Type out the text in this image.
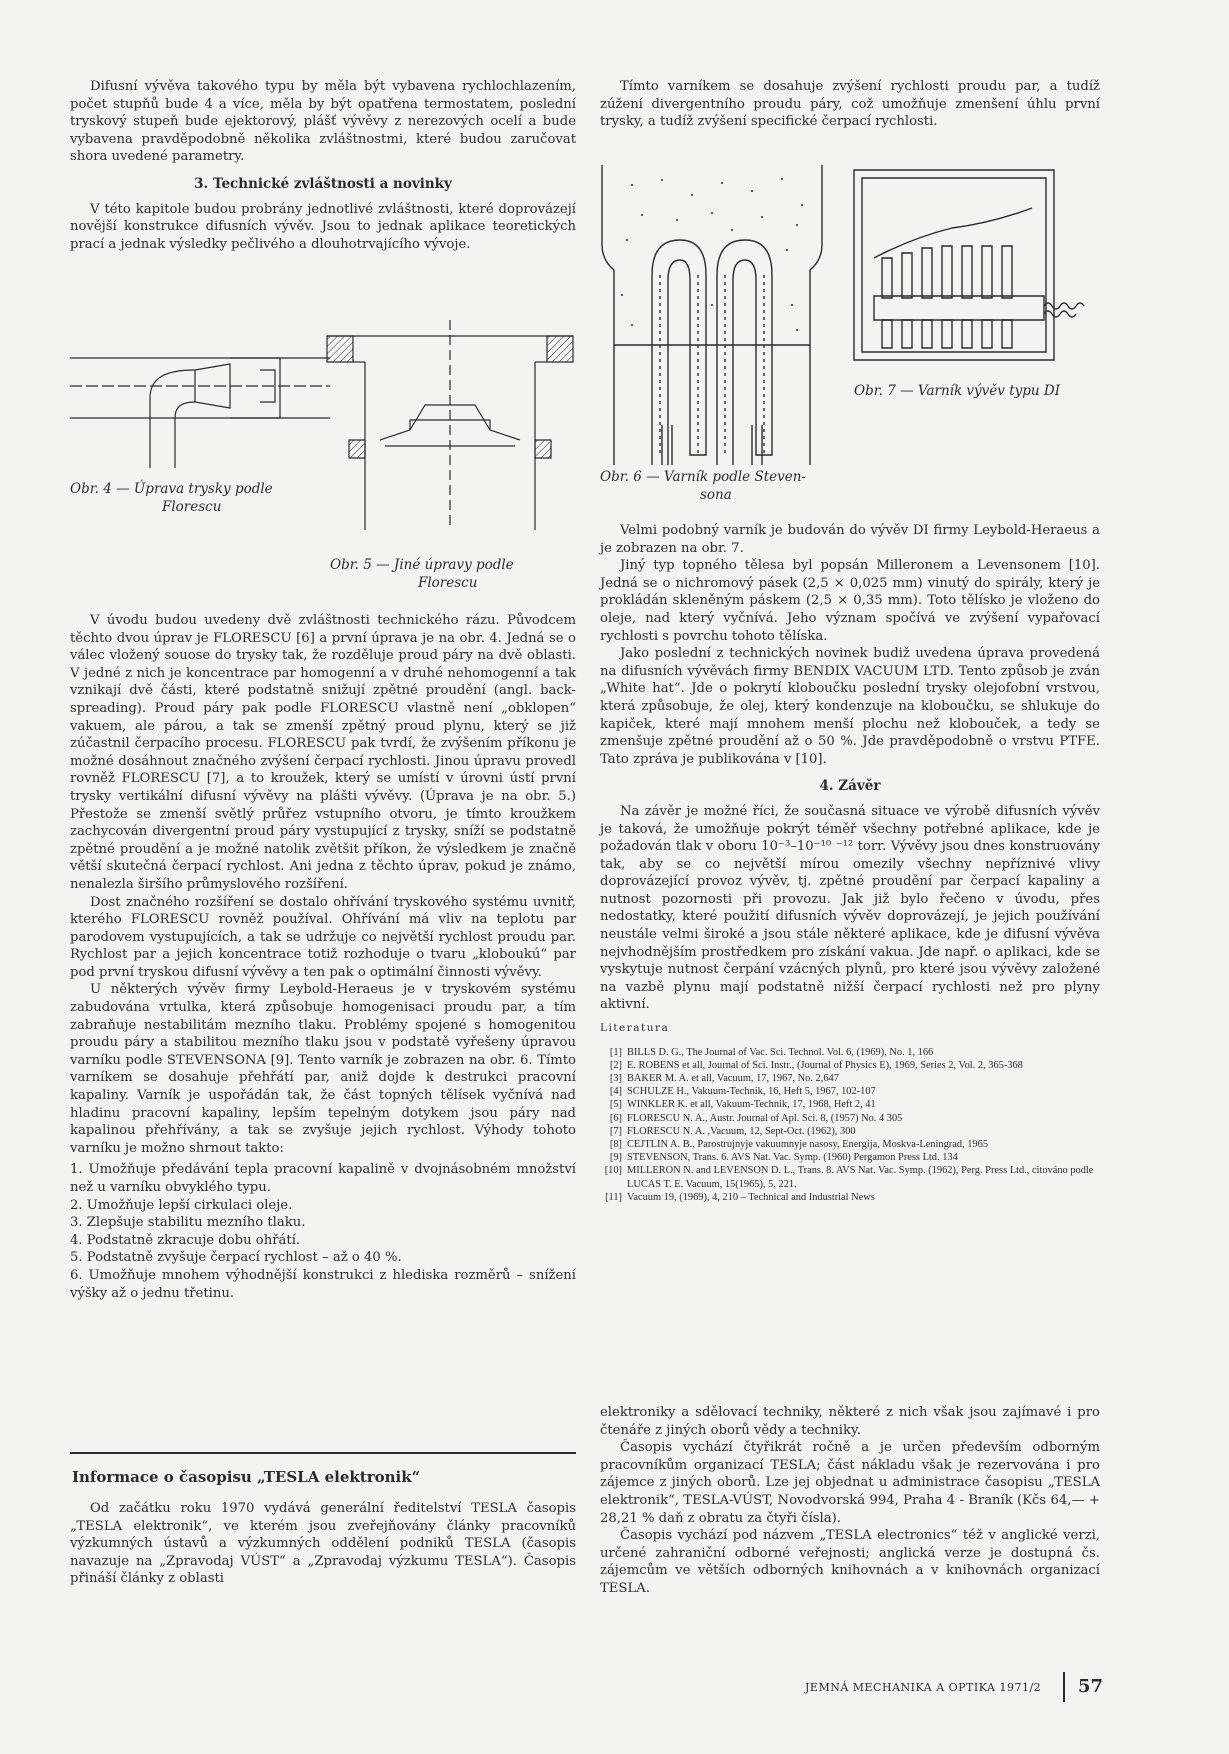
Difusní vývěva takového typu by měla být vybavena rychlochlazením, počet stupňů bude 4 a více, měla by být opatřena termostatem, poslední tryskový stupeň bude ejektorový, plášť vývěvy z nerezových ocelí a bude vybavena pravděpodobně několika zvláštnostmi, které budou zaručovat shora uvedené parametry.

3. Technické zvláštnosti a novinky

V této kapitole budou probrány jednotlivé zvláštnosti, které doprovázejí novější konstrukce difusních vývěv. Jsou to jednak aplikace teoretických prací a jednak výsledky pečlivého a dlouhotrvajícího vývoje.

Obr. 4 — Úprava trysky podle
Florescu
Obr. 5 — Jiné úpravy podle
Florescu

V úvodu budou uvedeny dvě zvláštnosti technického rázu. Původcem těchto dvou úprav je FLORESCU [6] a první úprava je na obr. 4. Jedná se o válec vložený souose do trysky tak, že rozděluje proud páry na dvě oblasti. V jedné z nich je koncentrace par homogenní a v druhé nehomogenní a tak vznikají dvě části, které podstatně snižují zpětné proudění (angl. back-spreading). Proud páry pak podle FLORESCU vlastně není „obklopen“ vakuem, ale párou, a tak se zmenší zpětný proud plynu, který se již zúčastnil čerpacího procesu. FLORESCU pak tvrdí, že zvýšením příkonu je možné dosáhnout značného zvýšení čerpací rychlosti. Jinou úpravu provedl rovněž FLORESCU [7], a to kroužek, který se umístí v úrovni ústí první trysky vertikální difusní vývěvy na plášti vývěvy. (Úprava je na obr. 5.) Přestože se zmenší světlý průřez vstupního otvoru, je tímto kroužkem zachycován divergentní proud páry vystupující z trysky, sníží se podstatně zpětné proudění a je možné natolik zvětšit příkon, že výsledkem je značně větší skutečná čerpací rychlost. Ani jedna z těchto úprav, pokud je známo, nenalezla širšího průmyslového rozšíření.

Dost značného rozšíření se dostalo ohřívání tryskového systému uvnitř, kterého FLORESCU rovněž používal. Ohřívání má vliv na teplotu par parodovem vystupujících, a tak se udržuje co největší rychlost proudu par. Rychlost par a jejich koncentrace totiž rozhoduje o tvaru „kloboukú“ par pod první tryskou difusní vývěvy a ten pak o optimální činnosti vývěvy.

U některých vývěv firmy Leybold-Heraeus je v tryskovém systému zabudována vrtulka, která způsobuje homogenisaci proudu par, a tím zabraňuje nestabilitám mezního tlaku. Problémy spojené s homogenitou proudu páry a stabilitou mezního tlaku jsou v podstatě vyřešeny úpravou varníku podle STEVENSONA [9]. Tento varník je zobrazen na obr. 6. Tímto varníkem se dosahuje přehřátí par, aniž dojde k destrukci pracovní kapaliny. Varník je uspořádán tak, že část topných tělísek vyčnívá nad hladinu pracovní kapaliny, lepším tepelným dotykem jsou páry nad kapalinou přehřívány, a tak se zvyšuje jejich rychlost. Výhody tohoto varníku je možno shrnout takto:

1. Umožňuje předávání tepla pracovní kapalině v dvojnásobném množství než u varníku obvyklého typu.

2. Umožňuje lepší cirkulaci oleje.

3. Zlepšuje stabilitu mezního tlaku.

4. Podstatně zkracuje dobu ohřátí.

5. Podstatně zvyšuje čerpací rychlost – až o 40 %.

6. Umožňuje mnohem výhodnější konstrukci z hlediska rozměrů – snížení výšky až o jednu třetinu.

Tímto varníkem se dosahuje zvýšení rychlosti proudu par, a tudíž zúžení divergentního proudu páry, což umožňuje zmenšení úhlu první trysky, a tudíž zvýšení specifické čerpací rychlosti.

Obr. 6 — Varník podle Steven-
sona
Obr. 7 — Varník vývěv typu DI

Velmi podobný varník je budován do vývěv DI firmy Leybold-Heraeus a je zobrazen na obr. 7.

Jiný typ topného tělesa byl popsán Milleronem a Levensonem [10]. Jedná se o nichromový pásek (2,5 × 0,025 mm) vinutý do spirály, který je prokládán skleněným páskem (2,5 × 0,35 mm). Toto tělísko je vloženo do oleje, nad který vyčnívá. Jeho význam spočívá ve zvýšení vypařovací rychlosti s povrchu tohoto tělíska.

Jako poslední z technických novinek budiž uvedena úprava provedená na difusních vývěvách firmy BENDIX VACUUM LTD. Tento způsob je zván „White hat“. Jde o pokrytí kloboučku poslední trysky olejofobní vrstvou, která způsobuje, že olej, který kondenzuje na kloboučku, se shlukuje do kapiček, které mají mnohem menší plochu než klobouček, a tedy se zmenšuje zpětné proudění až o 50 %. Jde pravděpodobně o vrstvu PTFE. Tato zpráva je publikována v [10].

4. Závěr

Na závěr je možné říci, že současná situace ve výrobě difusních vývěv je taková, že umožňuje pokrýt téměř všechny potřebné aplikace, kde je požadován tlak v oboru 10⁻³–10⁻¹⁰ ⁻¹² torr. Vývěvy jsou dnes konstruovány tak, aby se co největší mírou omezily všechny nepříznivé vlivy doprovázející provoz vývěv, tj. zpětné proudění par čerpací kapaliny a nutnost pozornosti při provozu. Jak již bylo řečeno v úvodu, přes nedostatky, které použití difusních vývěv doprovázejí, je jejich používání neustále velmi široké a jsou stále některé aplikace, kde je difusní vývěva nejvhodnějším prostředkem pro získání vakua. Jde např. o aplikaci, kde se vyskytuje nutnost čerpání vzácných plynů, pro které jsou vývěvy založené na vazbě plynu mají podstatně nižší čerpací rychlosti než pro plyny aktivní.

Literatura
[1] BILLS D. G., The Journal of Vac. Sci. Technol. Vol. 6, (1969), No. 1, 166
[2] E. ROBENS et all, Journal of Sci. Instr., (Journal of Physics E), 1969, Series 2, Vol. 2, 365-368
[3] BAKER M. A. et all, Vacuum, 17, 1967, No. 2,647
[4] SCHULZE H., Vakuum-Technik, 16, Heft 5, 1967, 102-107
[5] WINKLER K. et all, Vakuum-Technik, 17, 1968, Heft 2, 41
[6] FLORESCU N. A., Austr. Journal of Apl. Sci. 8, (1957) No. 4 305
[7] FLORESCU N. A. ,Vacuum, 12, Sept-Oct. (1962), 300
[8] CEJTLIN A. B., Parostrujnyje vakuumnyje nasosy, Energija, Moskva-Leningrad, 1965
[9] STEVENSON, Trans. 6. AVS Nat. Vac. Symp. (1960) Pergamon Press Ltd. 134
[10] MILLERON N. and LEVENSON D. L., Trans. 8. AVS Nat. Vac. Symp. (1962), Perg. Press Ltd., citováno podle LUCAS T. E. Vacuum, 15(1965), 5, 221.
[11] Vacuum 19, (1969), 4, 210 – Technical and Industrial News
Informace o časopisu „TESLA elektronik“

Od začátku roku 1970 vydává generální ředitelství TESLA časopis „TESLA elektronik“, ve kterém jsou zveřejňovány články pracovníků výzkumných ústavů a výzkumných oddělení podniků TESLA (časopis navazuje na „Zpravodaj VÚST“ a „Zpravodaj výzkumu TESLA“). Časopis přináší články z oblasti

elektroniky a sdělovací techniky, některé z nich však jsou zajímavé i pro čtenáře z jiných oborů vědy a techniky.

Časopis vychází čtyřikrát ročně a je určen především odborným pracovníkům organizací TESLA; část nákladu však je rezervována i pro zájemce z jiných oborů. Lze jej objednat u administrace časopisu „TESLA elektronik“, TESLA-VÚST, Novodvorská 994, Praha 4 - Braník (Kčs 64,— + 28,21 % daň z obratu za čtyři čísla).

Časopis vychází pod názvem „TESLA electronics“ též v anglické verzi, určené zahraniční odborné veřejnosti; anglická verze je dostupná čs. zájemcům ve větších odborných knihovnách a v knihovnách organizací TESLA.

JEMNÁ MECHANIKA A OPTIKA 1971/2 57
